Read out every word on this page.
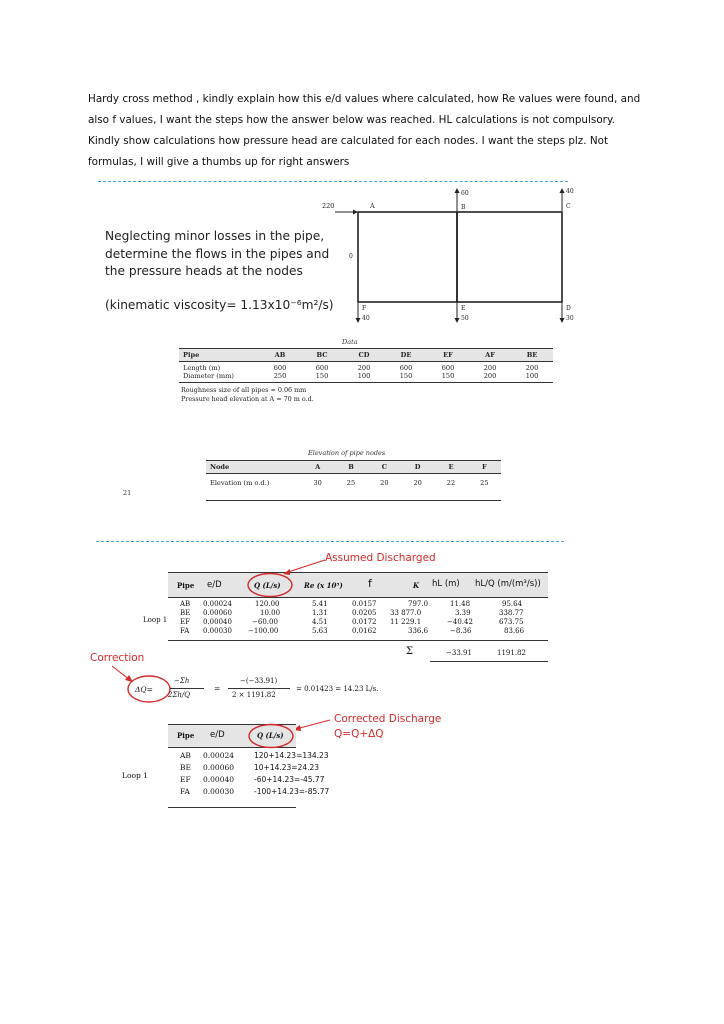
Hardy cross method , kindly explain how this e/d values where calculated, how Re values were found, and also f values, I want the steps how the answer below was reached. HL calculations is not compulsory. Kindly show calculations how pressure head are calculated for each nodes. I want the steps plz. Not formulas, I will give a thumbs up for right answers
Neglecting minor losses in the pipe, determine the flows in the pipes and the pressure heads at the nodes
(kinematic viscosity= 1.13x10⁻⁶m²/s)
220	A
60
B
40
C
0
F
40
E
50
D
30
Data
Pipe	AB	BC	CD	DE	EF	AF	BE
Length (m)	600	600	200	600	600	200	200
Diameter (mm)	250	150	100	150	150	200	100
Roughness size of all pipes = 0.06 mm
Pressure head elevation at A = 70 m o.d.
Elevation of pipe nodes
Node	A	B	C	D	E	F
Elevation (m o.d.)	30	25	20	20	22	25
21
Assumed Discharged
Pipe e/D	Q (L/s)	Re (x 10⁵) f	K hL (m) hL/Q (m/(m³/s))
Loop 1
AB 0.00024	120.00	5.41	0.0157	797.0	11.48	95.64
BE 0.00060	10.00	1.31	0.0205 33 877.0	3.39	338.77
EF 0.00040	−60.00	4.51	0.0172 11 229.1	−40.42	673.75
FA 0.00030 −100.00	5.63	0.0162	336.6	−8.36	83.66
Σ	−33.91	1191.82
Correction
ΔQ=
−Σh
2Σh/Q
=
−(−33.91)
2 × 1191.82
= 0.01423 = 14.23 L/s.
Corrected Discharge
Q=Q+ΔQ
Pipe e/D	Q (L/s)
Loop 1
AB 0.00024	120+14.23=134.23
BE 0.00060	10+14.23=24.23
EF 0.00040	-60+14.23=-45.77
FA 0.00030	-100+14.23=-85.77
